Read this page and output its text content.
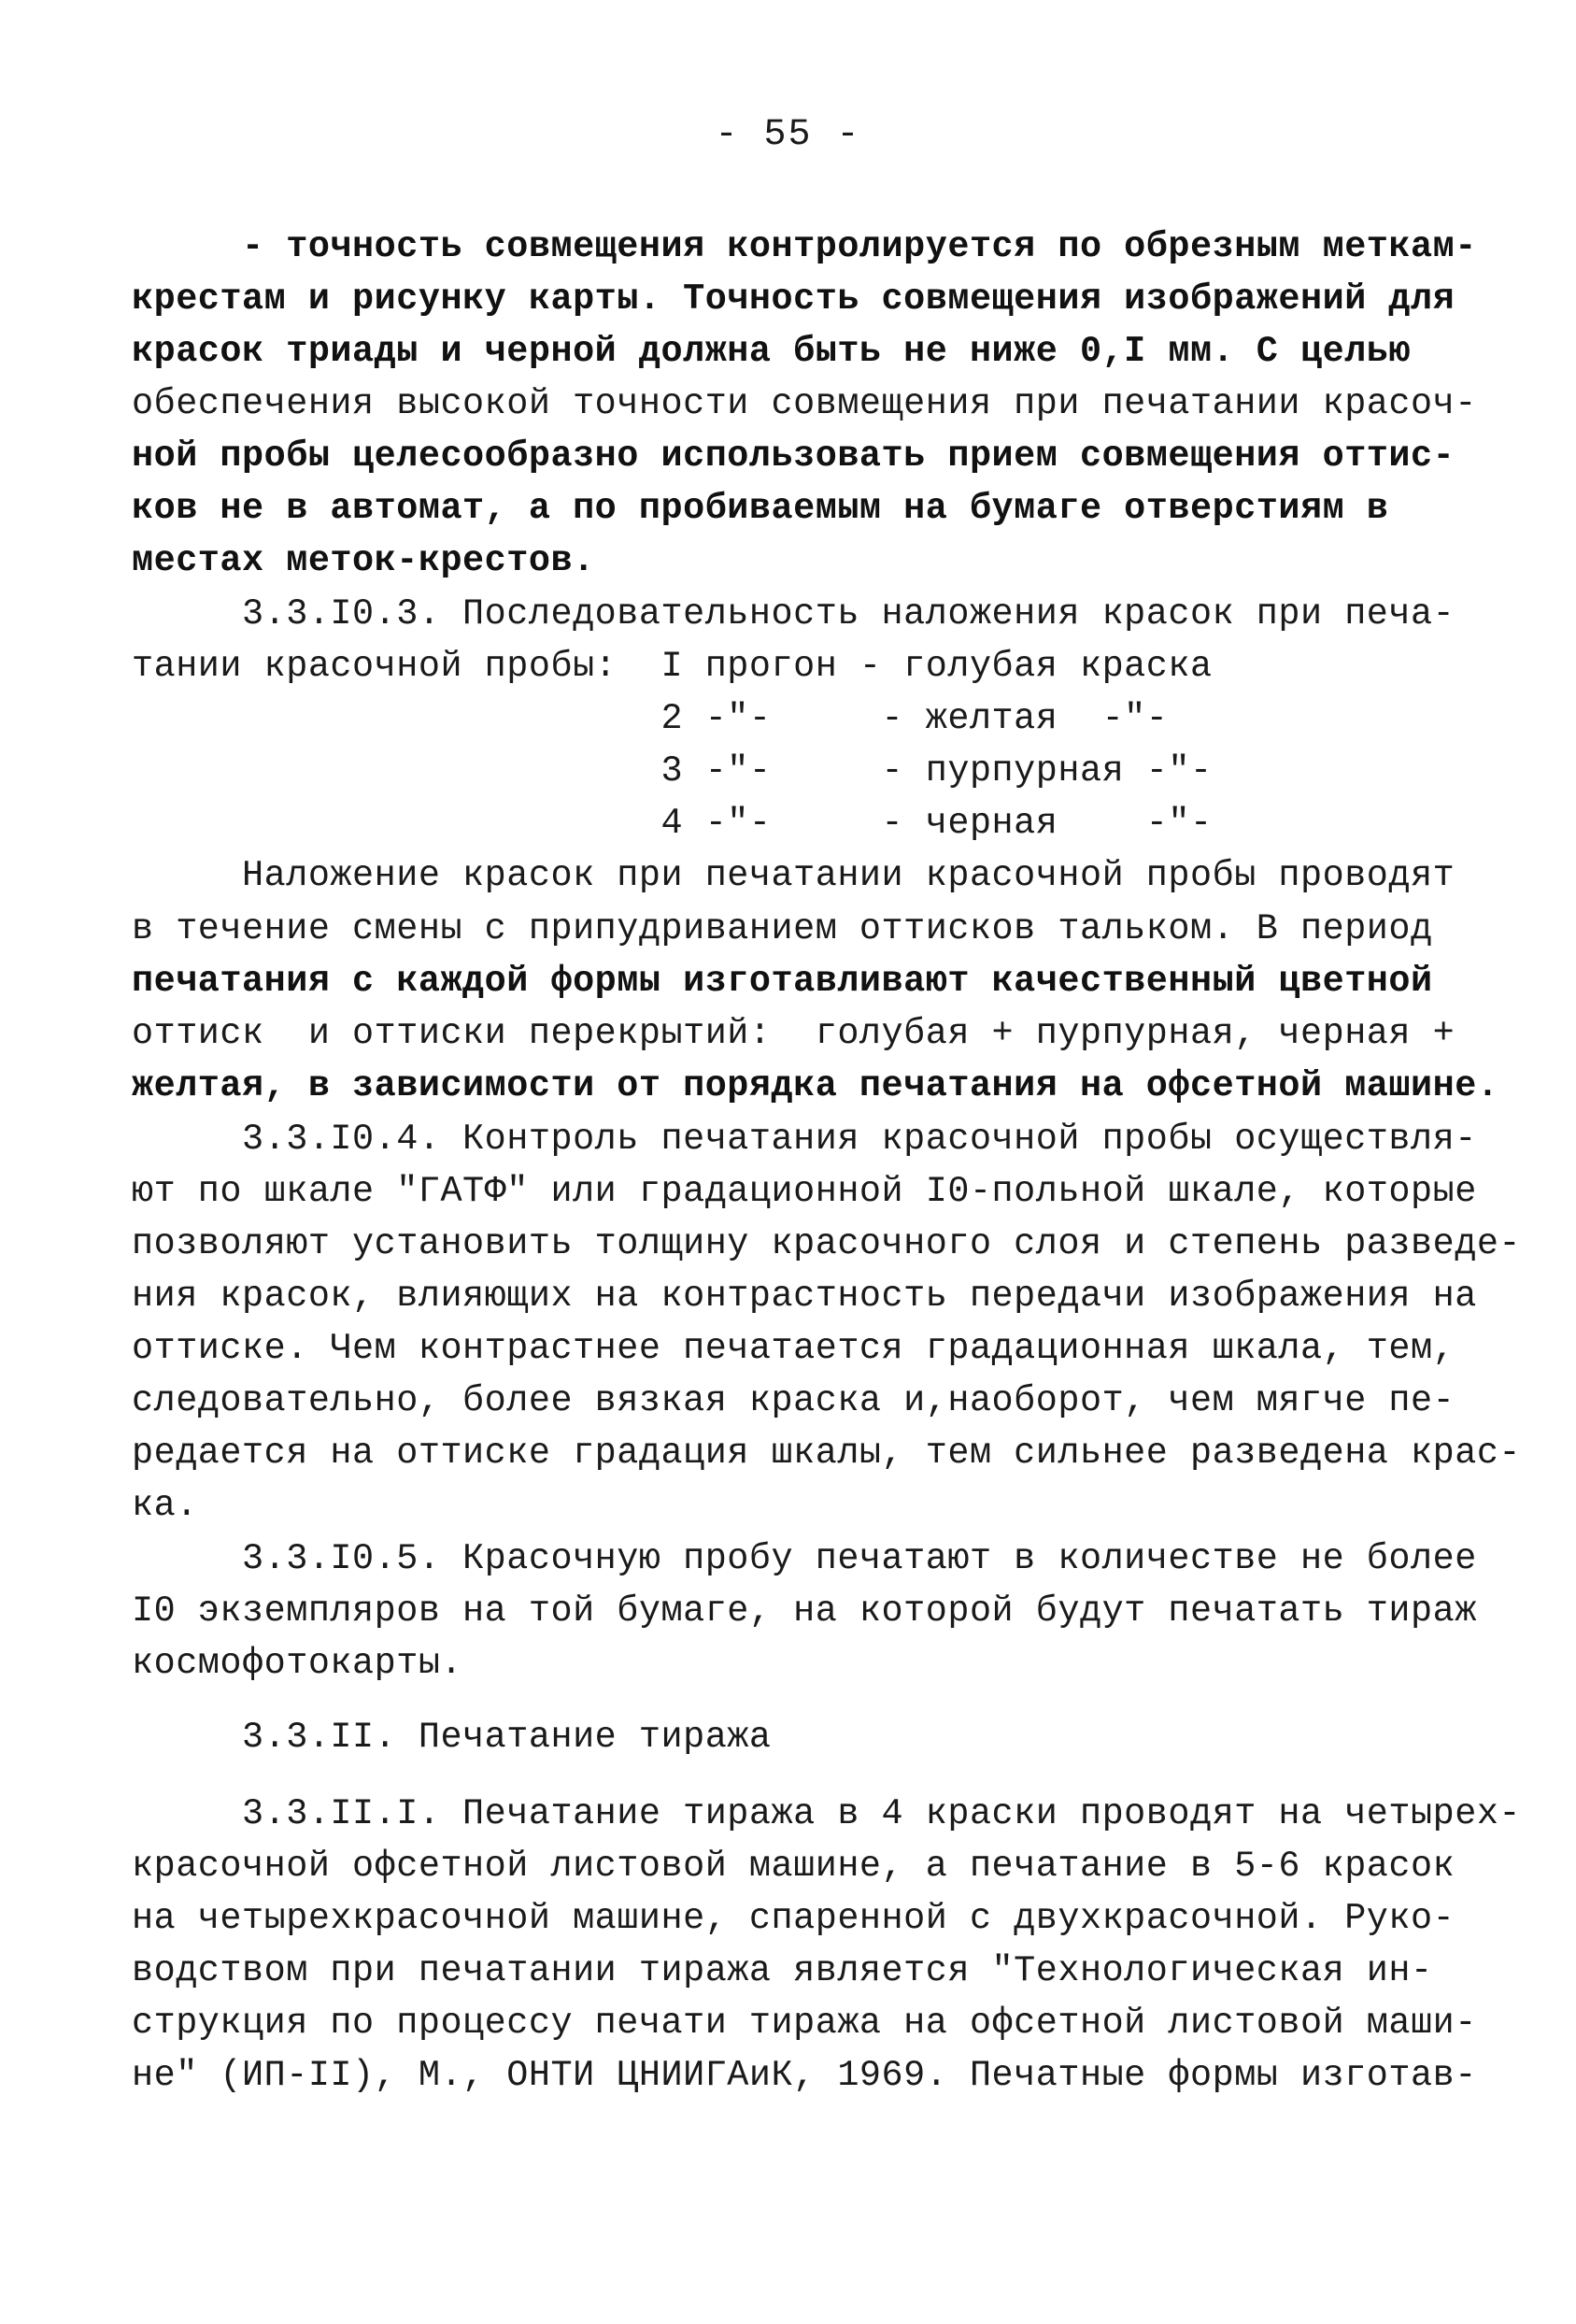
- 55 -
- точность совмещения контролируется по обрезным меткам-
крестам и рисунку карты. Точность совмещения изображений для
красок триады и черной должна быть не ниже 0,I мм. С целью
обеспечения высокой точности совмещения при печатании красоч-
ной пробы целесообразно использовать прием совмещения оттис-
ков не в автомат, а по пробиваемым на бумаге отверстиям в
местах меток-крестов.
3.3.I0.3. Последовательность наложения красок при печа-
тании красочной пробы:  I прогон - голубая краска
2 -"-     - желтая  -"-
3 -"-     - пурпурная -"-
4 -"-     - черная    -"-
Наложение красок при печатании красочной пробы проводят
в течение смены с припудриванием оттисков тальком. В период
печатания с каждой формы изготавливают качественный цветной
оттиск  и оттиски перекрытий:  голубая + пурпурная, черная +
желтая, в зависимости от порядка печатания на офсетной машине.
3.3.I0.4. Контроль печатания красочной пробы осуществля-
ют по шкале "ГАТФ" или градационной I0-польной шкале, которые
позволяют установить толщину красочного слоя и степень разведе-
ния красок, влияющих на контрастность передачи изображения на
оттиске. Чем контрастнее печатается градационная шкала, тем,
следовательно, более вязкая краска и,наоборот, чем мягче пе-
редается на оттиске градация шкалы, тем сильнее разведена крас-
ка.
3.3.I0.5. Красочную пробу печатают в количестве не более
I0 экземпляров на той бумаге, на которой будут печатать тираж
космофотокарты.
3.3.II. Печатание тиража
3.3.II.I. Печатание тиража в 4 краски проводят на четырех-
красочной офсетной листовой машине, а печатание в 5-6 красок
на четырехкрасочной машине, спаренной с двухкрасочной. Руко-
водством при печатании тиража является "Технологическая ин-
струкция по процессу печати тиража на офсетной листовой маши-
не" (ИП-II), М., ОНТИ ЦНИИГАиК, 1969. Печатные формы изготав-
